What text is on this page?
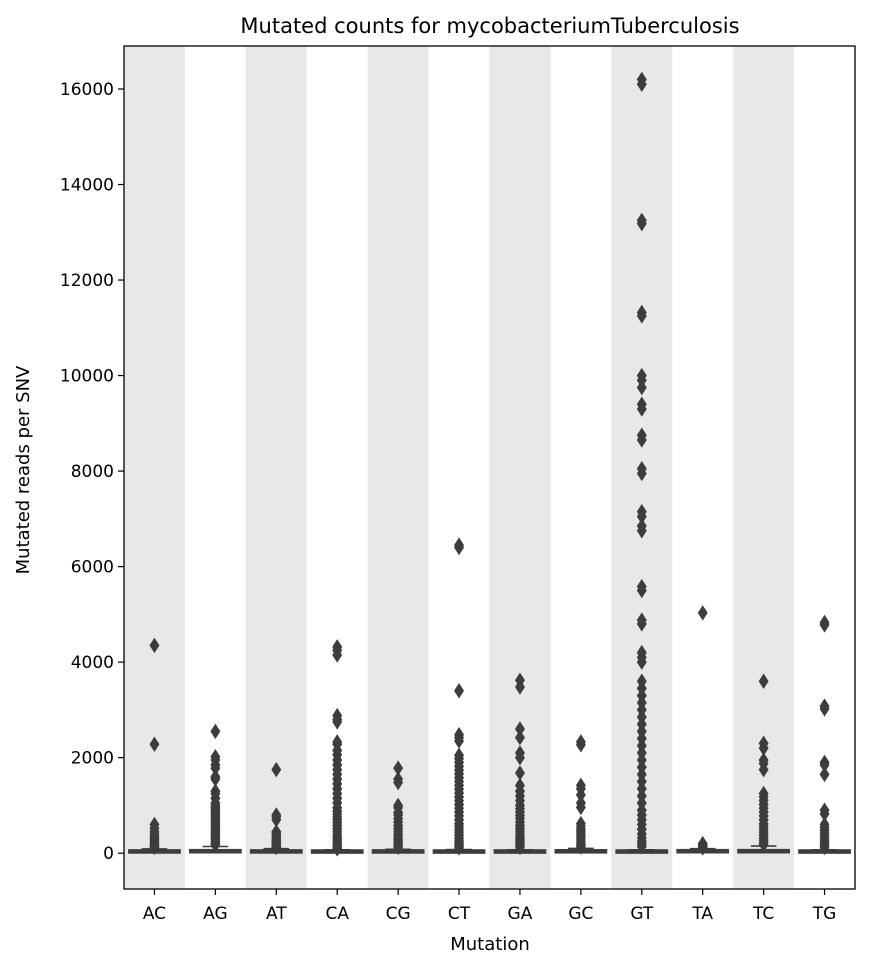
0
2000
4000
6000
8000
10000
12000
14000
16000
AC AG AT CA CG CT GA GC GT TA TC TG
Mutated counts for mycobacteriumTuberculosis
Mutation
Mutated reads per SNV
